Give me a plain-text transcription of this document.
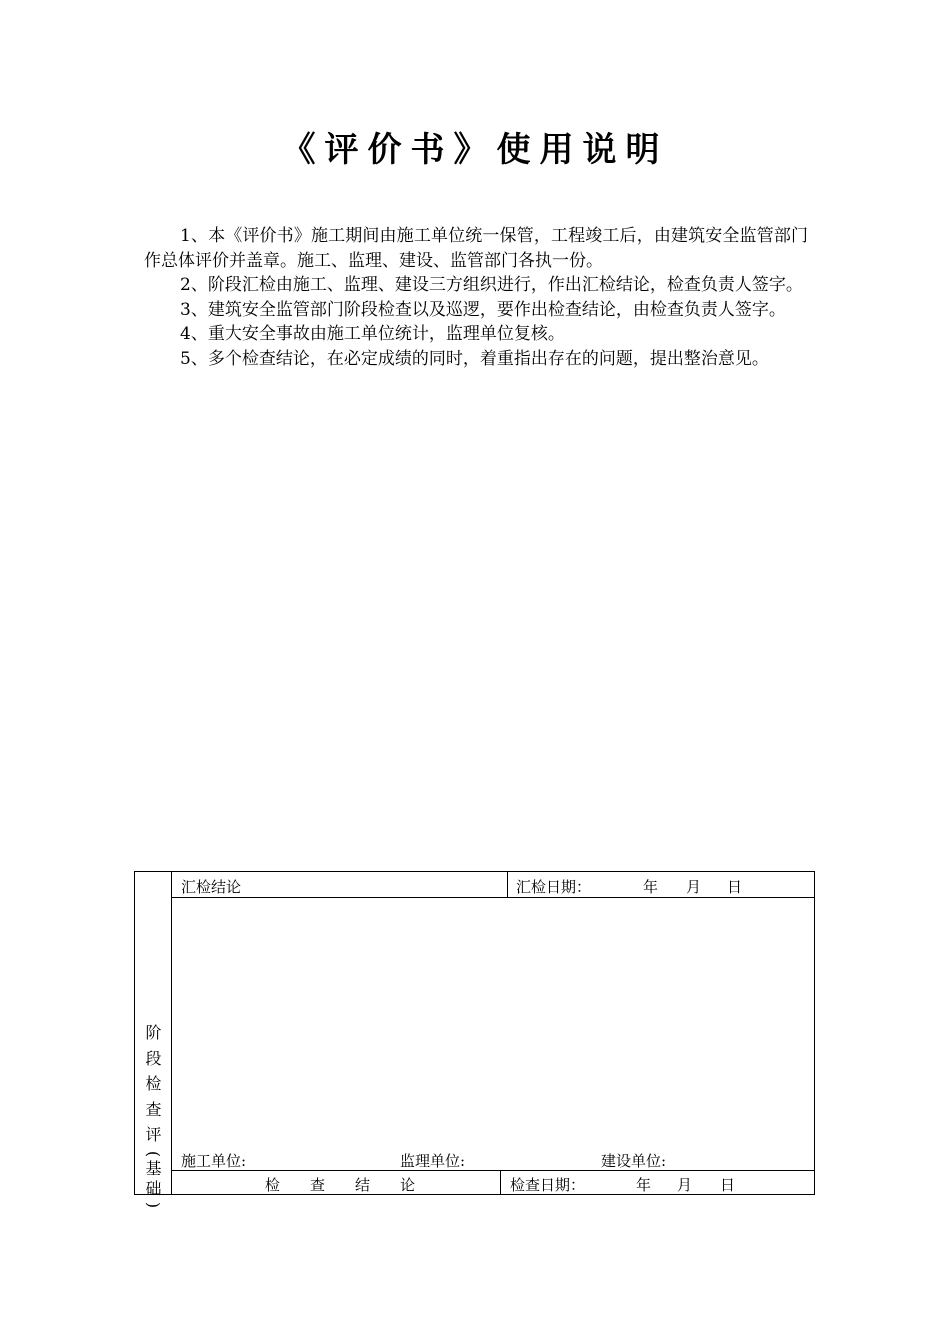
《评价书》使用说明

1、本《评价书》施工期间由施工单位统一保管，工程竣工后，由建筑安全监管部门作总体评价并盖章。施工、监理、建设、监管部门各执一份。

2、阶段汇检由施工、监理、建设三方组织进行，作出汇检结论，检查负责人签字。

3、建筑安全监管部门阶段检查以及巡逻，要作出检查结论，由检查负责人签字。

4、重大安全事故由施工单位统计，监理单位复核。

5、多个检查结论，在必定成绩的同时，着重指出存在的问题，提出整治意见。

阶
段
检
查
评
(
基
础
)
汇检结论	汇检日期：	年 月 日
施工单位:	监理单位:	建设单位:
检　　查　　结　　论	检查日期：	年 月 日
